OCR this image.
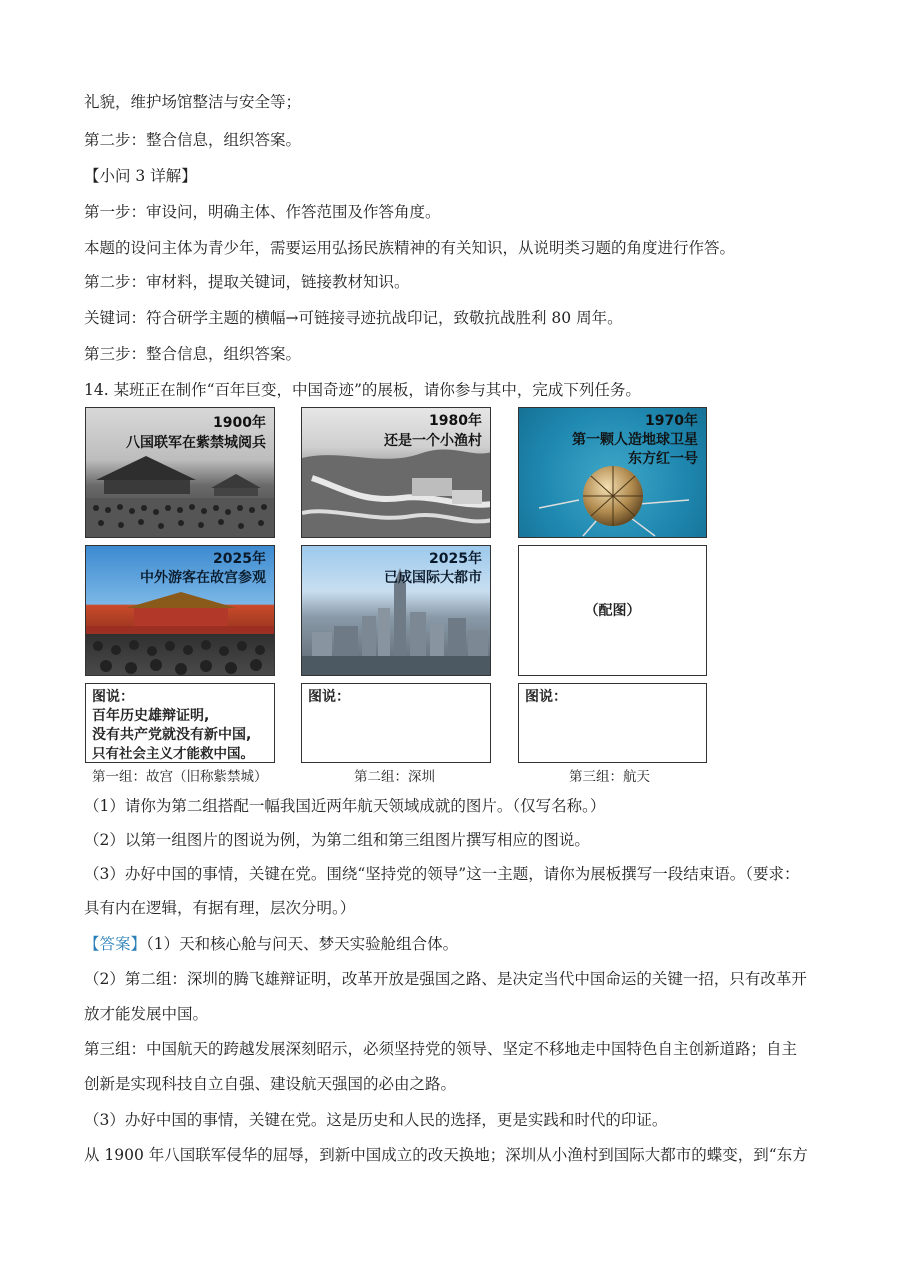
礼貌，维护场馆整洁与安全等；
第二步：整合信息，组织答案。
【小问 3 详解】
第一步：审设问，明确主体、作答范围及作答角度。
本题的设问主体为青少年，需要运用弘扬民族精神的有关知识，从说明类习题的角度进行作答。
第二步：审材料，提取关键词，链接教材知识。
关键词：符合研学主题的横幅→可链接寻迹抗战印记，致敬抗战胜利 80 周年。
第三步：整合信息，组织答案。
14. 某班正在制作“百年巨变，中国奇迹”的展板，请你参与其中，完成下列任务。
1900年
八国联军在紫禁城阅兵
2025年
中外游客在故宫参观
图说：
百年历史雄辩证明,
没有共产党就没有新中国,
只有社会主义才能救中国。
1980年
还是一个小渔村
2025年
已成国际大都市
图说：
1970年
第一颗人造地球卫星
东方红一号
（配图）
图说：
第一组：故宫（旧称紫禁城）	第二组：深圳	第三组：航天
（1）请你为第二组搭配一幅我国近两年航天领域成就的图片。（仅写名称。）
（2）以第一组图片的图说为例，为第二组和第三组图片撰写相应的图说。
（3）办好中国的事情，关键在党。围绕“坚持党的领导”这一主题，请你为展板撰写一段结束语。（要求：
具有内在逻辑，有据有理，层次分明。）
【答案】（1）天和核心舱与问天、梦天实验舱组合体。
（2）第二组：深圳的腾飞雄辩证明，改革开放是强国之路、是决定当代中国命运的关键一招，只有改革开
放才能发展中国。
第三组：中国航天的跨越发展深刻昭示，必须坚持党的领导、坚定不移地走中国特色自主创新道路；自主
创新是实现科技自立自强、建设航天强国的必由之路。
（3）办好中国的事情，关键在党。这是历史和人民的选择，更是实践和时代的印证。
从 1900 年八国联军侵华的屈辱，到新中国成立的改天换地；深圳从小渔村到国际大都市的蝶变，到“东方
